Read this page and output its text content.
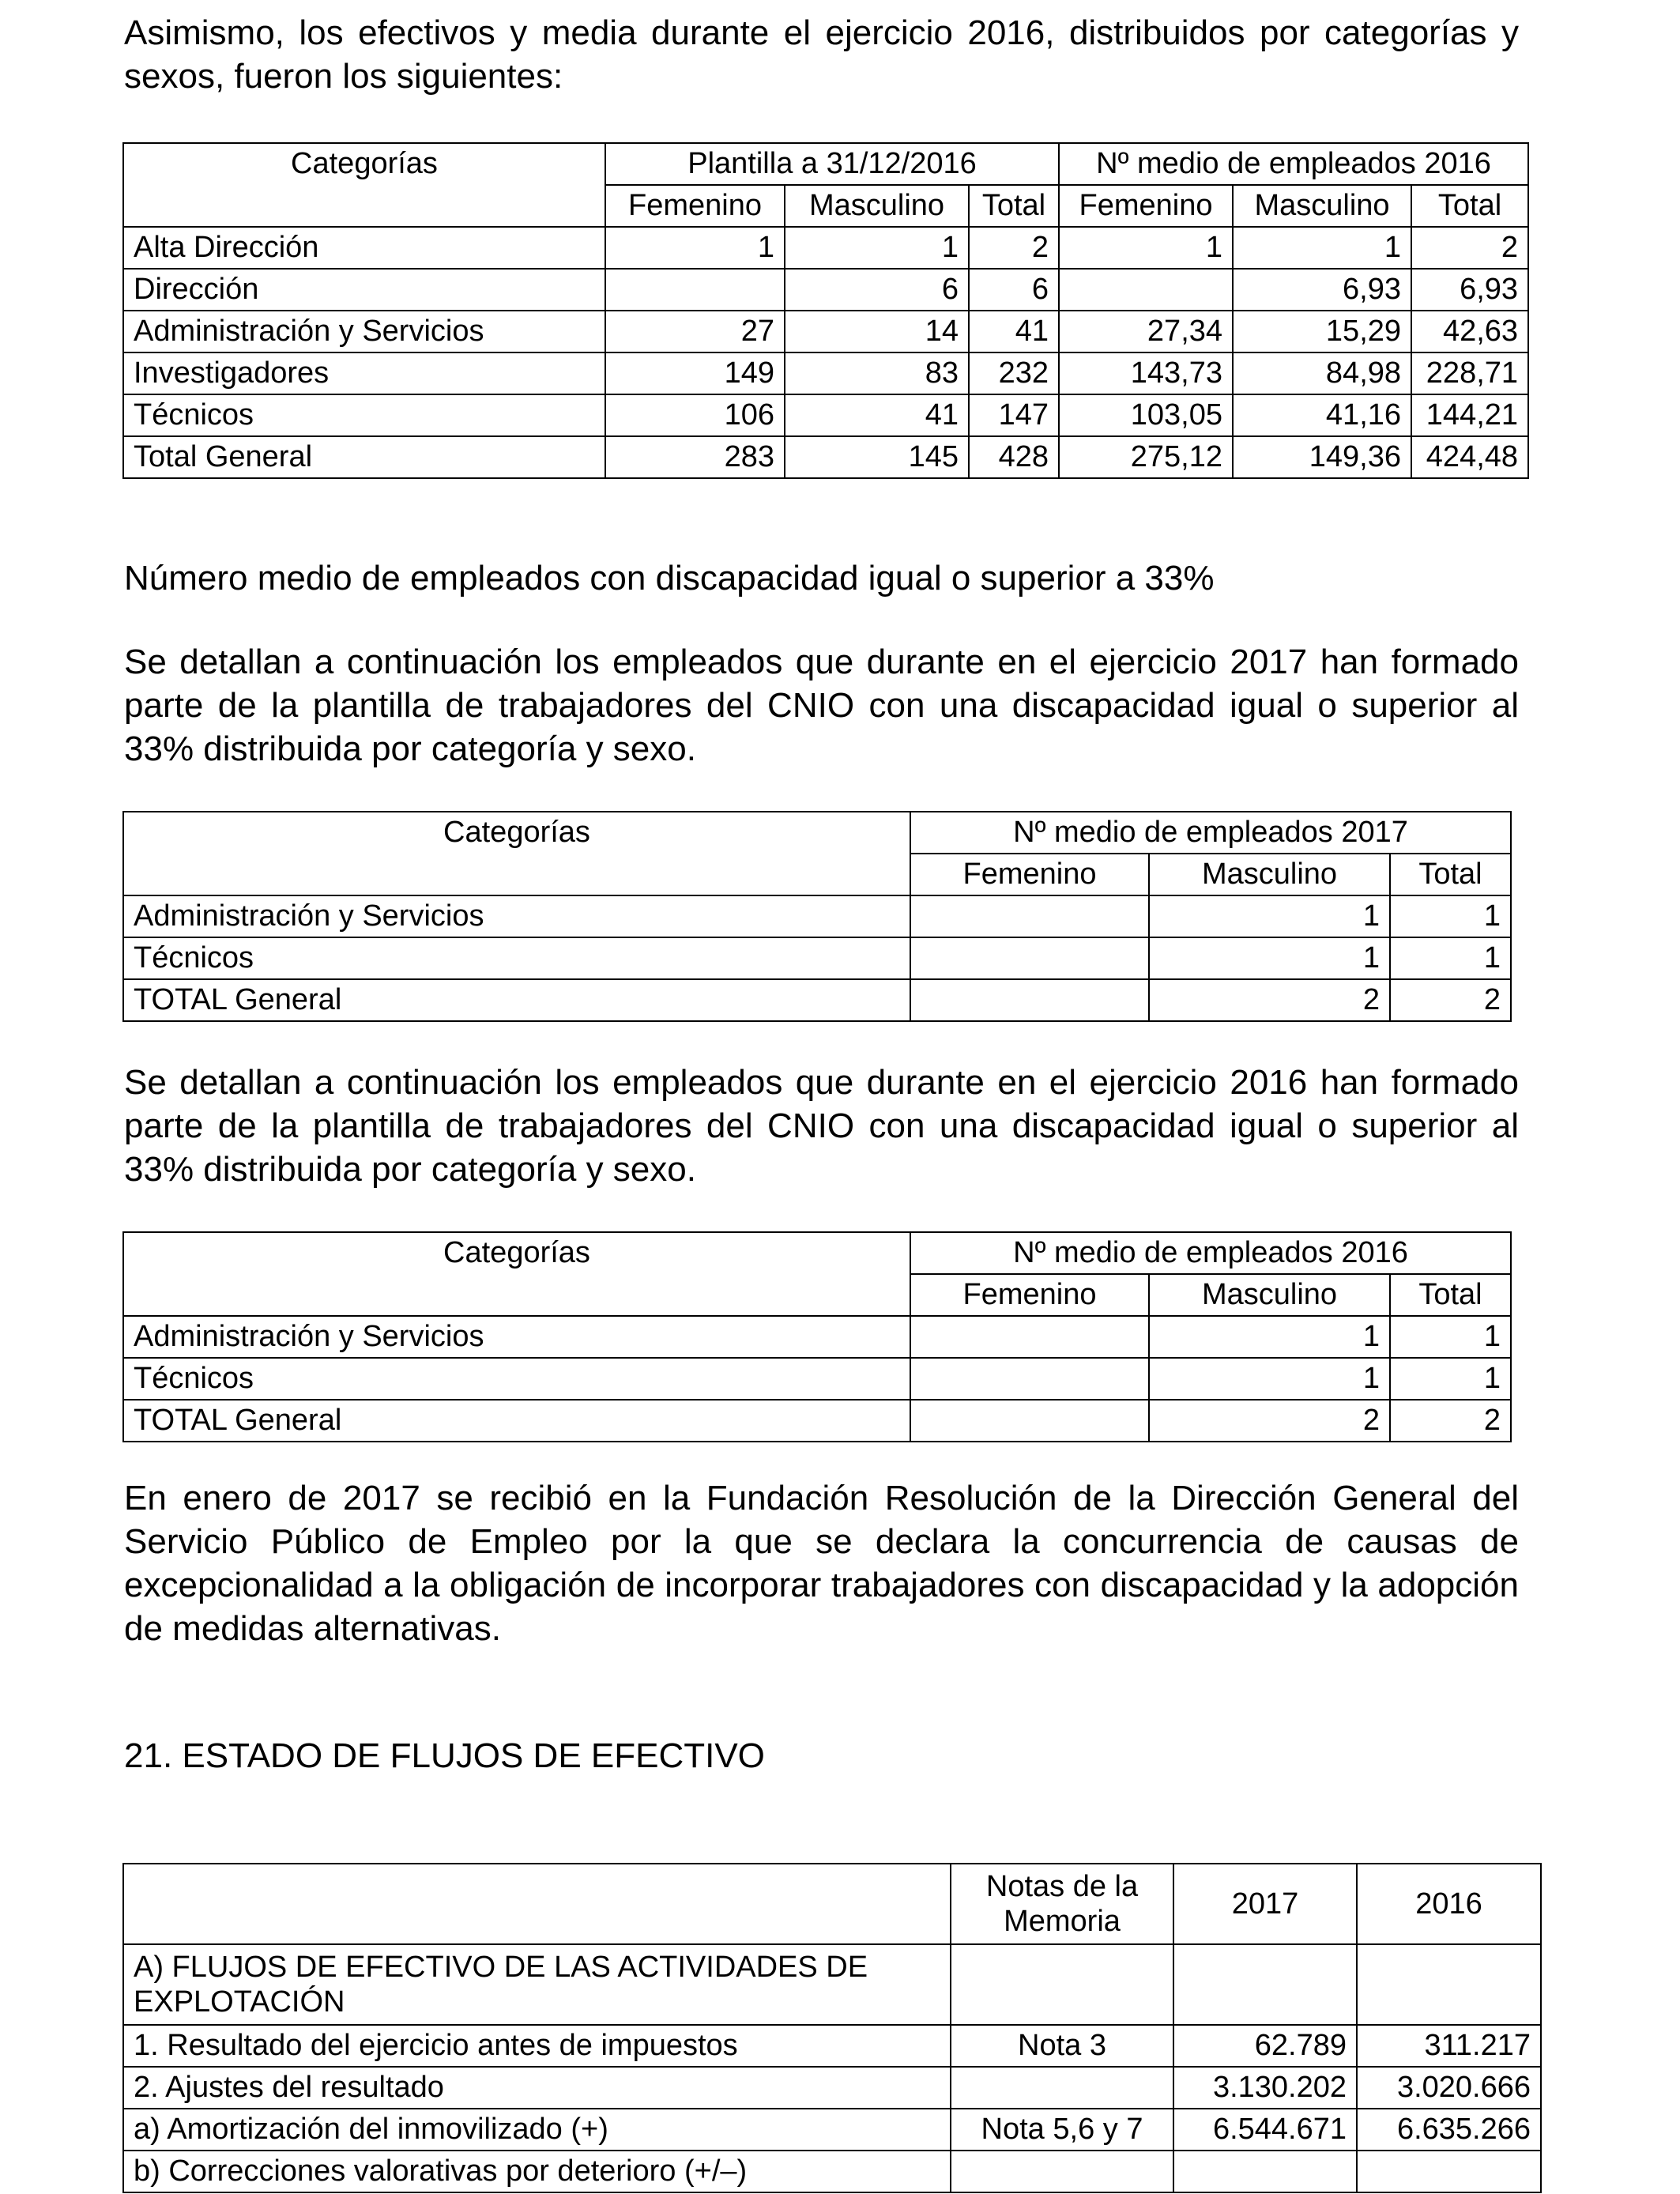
Asimismo, los efectivos y media durante el ejercicio 2016, distribuidos por categorías y sexos, fueron los siguientes:

Categorías	Plantilla a 31/12/2016			Nº medio de empleados 2016		
	Femenino	Masculino	Total	Femenino	Masculino	Total
Alta Dirección	1	1	2	1	1	2
Dirección		6	6		6,93	6,93
Administración y Servicios	27	14	41	27,34	15,29	42,63
Investigadores	149	83	232	143,73	84,98	228,71
Técnicos	106	41	147	103,05	41,16	144,21
Total General	283	145	428	275,12	149,36	424,48

Número medio de empleados con discapacidad igual o superior a 33%

Se detallan a continuación los empleados que durante en el ejercicio 2017 han formado parte de la plantilla de trabajadores del CNIO con una discapacidad igual o superior al 33% distribuida por categoría y sexo.

Categorías	Nº medio de empleados 2017		
	Femenino	Masculino	Total
Administración y Servicios		1	1
Técnicos		1	1
TOTAL General		2	2

Se detallan a continuación los empleados que durante en el ejercicio 2016 han formado parte de la plantilla de trabajadores del CNIO con una discapacidad igual o superior al 33% distribuida por categoría y sexo.

Categorías	Nº medio de empleados 2016		
	Femenino	Masculino	Total
Administración y Servicios		1	1
Técnicos		1	1
TOTAL General		2	2

En enero de 2017 se recibió en la Fundación Resolución de la Dirección General del Servicio Público de Empleo por la que se declara la concurrencia de causas de excepcionalidad a la obligación de incorporar trabajadores con discapacidad y la adopción de medidas alternativas.

21. ESTADO DE FLUJOS DE EFECTIVO

	Notas de la Memoria	2017	2016
A) FLUJOS DE EFECTIVO DE LAS ACTIVIDADES DE EXPLOTACIÓN			
1. Resultado del ejercicio antes de impuestos	Nota 3	62.789	311.217
2. Ajustes del resultado		3.130.202	3.020.666
a) Amortización del inmovilizado (+)	Nota 5,6 y 7	6.544.671	6.635.266
b) Correcciones valorativas por deterioro (+/–)			
